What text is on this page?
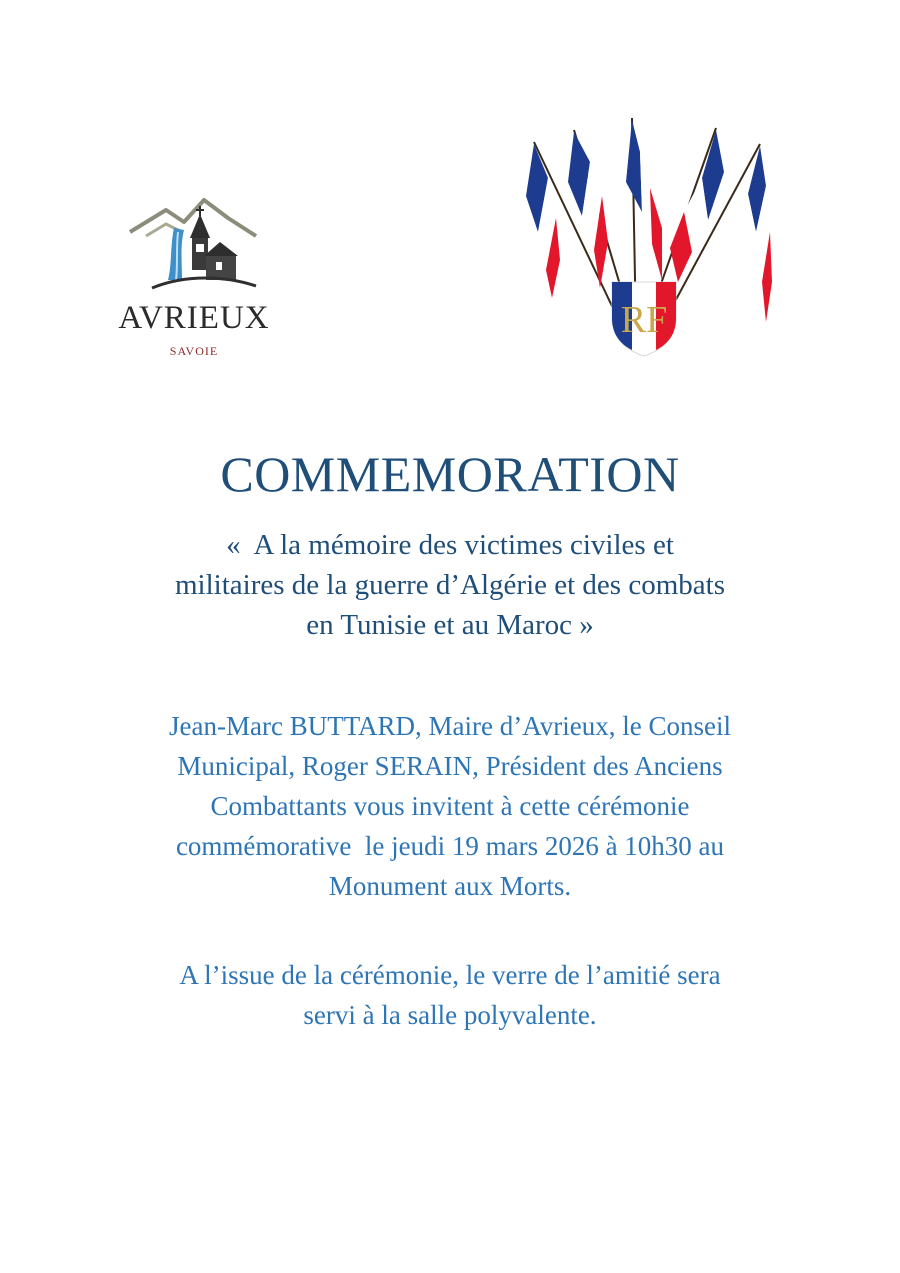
AVRIEUX
SAVOIE
RF
COMMEMORATION
«  A la mémoire des victimes civiles et
militaires de la guerre d’Algérie et des combats
en Tunisie et au Maroc »
Jean-Marc BUTTARD, Maire d’Avrieux, le Conseil
Municipal, Roger SERAIN, Président des Anciens
Combattants vous invitent à cette cérémonie
commémorative  le jeudi 19 mars 2026 à 10h30 au
Monument aux Morts.
A l’issue de la cérémonie, le verre de l’amitié sera
servi à la salle polyvalente.
